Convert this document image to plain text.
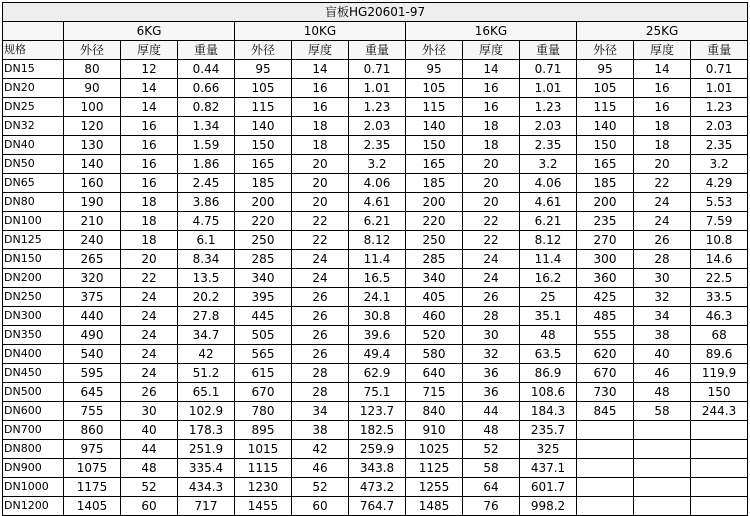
盲板HG20601-97												
	6KG			10KG			16KG			25KG		
规格	外径	厚度	重量	外径	厚度	重量	外径	厚度	重量	外径	厚度	重量
DN15	80	12	0.44	95	14	0.71	95	14	0.71	95	14	0.71
DN20	90	14	0.66	105	16	1.01	105	16	1.01	105	16	1.01
DN25	100	14	0.82	115	16	1.23	115	16	1.23	115	16	1.23
DN32	120	16	1.34	140	18	2.03	140	18	2.03	140	18	2.03
DN40	130	16	1.59	150	18	2.35	150	18	2.35	150	18	2.35
DN50	140	16	1.86	165	20	3.2	165	20	3.2	165	20	3.2
DN65	160	16	2.45	185	20	4.06	185	20	4.06	185	22	4.29
DN80	190	18	3.86	200	20	4.61	200	20	4.61	200	24	5.53
DN100	210	18	4.75	220	22	6.21	220	22	6.21	235	24	7.59
DN125	240	18	6.1	250	22	8.12	250	22	8.12	270	26	10.8
DN150	265	20	8.34	285	24	11.4	285	24	11.4	300	28	14.6
DN200	320	22	13.5	340	24	16.5	340	24	16.2	360	30	22.5
DN250	375	24	20.2	395	26	24.1	405	26	25	425	32	33.5
DN300	440	24	27.8	445	26	30.8	460	28	35.1	485	34	46.3
DN350	490	24	34.7	505	26	39.6	520	30	48	555	38	68
DN400	540	24	42	565	26	49.4	580	32	63.5	620	40	89.6
DN450	595	24	51.2	615	28	62.9	640	36	86.9	670	46	119.9
DN500	645	26	65.1	670	28	75.1	715	36	108.6	730	48	150
DN600	755	30	102.9	780	34	123.7	840	44	184.3	845	58	244.3
DN700	860	40	178.3	895	38	182.5	910	48	235.7			
DN800	975	44	251.9	1015	42	259.9	1025	52	325			
DN900	1075	48	335.4	1115	46	343.8	1125	58	437.1			
DN1000	1175	52	434.3	1230	52	473.2	1255	64	601.7			
DN1200	1405	60	717	1455	60	764.7	1485	76	998.2			
